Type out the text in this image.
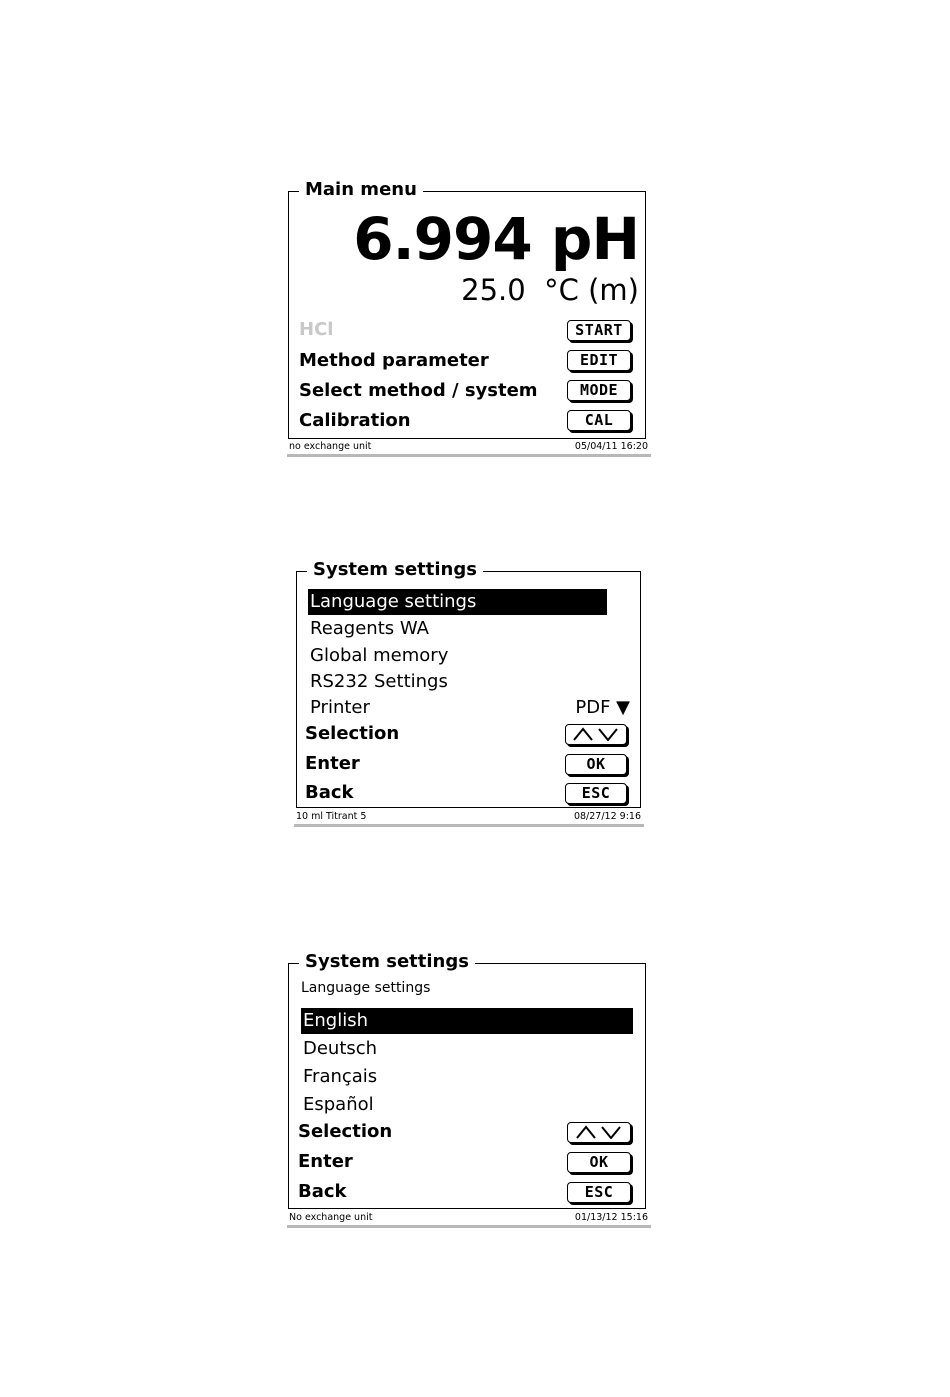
Main menu
6.994 pH
25.0  °C (m)
HCl	START
Method parameter	EDIT
Select method / system	MODE
Calibration	CAL
no exchange unit	05/04/11 16:20
System settings
Language settings
Reagents WA
Global memory
RS232 Settings
Printer	PDF ▼
Selection
Enter	OK
Back	ESC
10 ml Titrant 5	08/27/12 9:16
System settings
Language settings
English
Deutsch
Français
Español
Selection
Enter	OK
Back	ESC
No exchange unit	01/13/12 15:16
